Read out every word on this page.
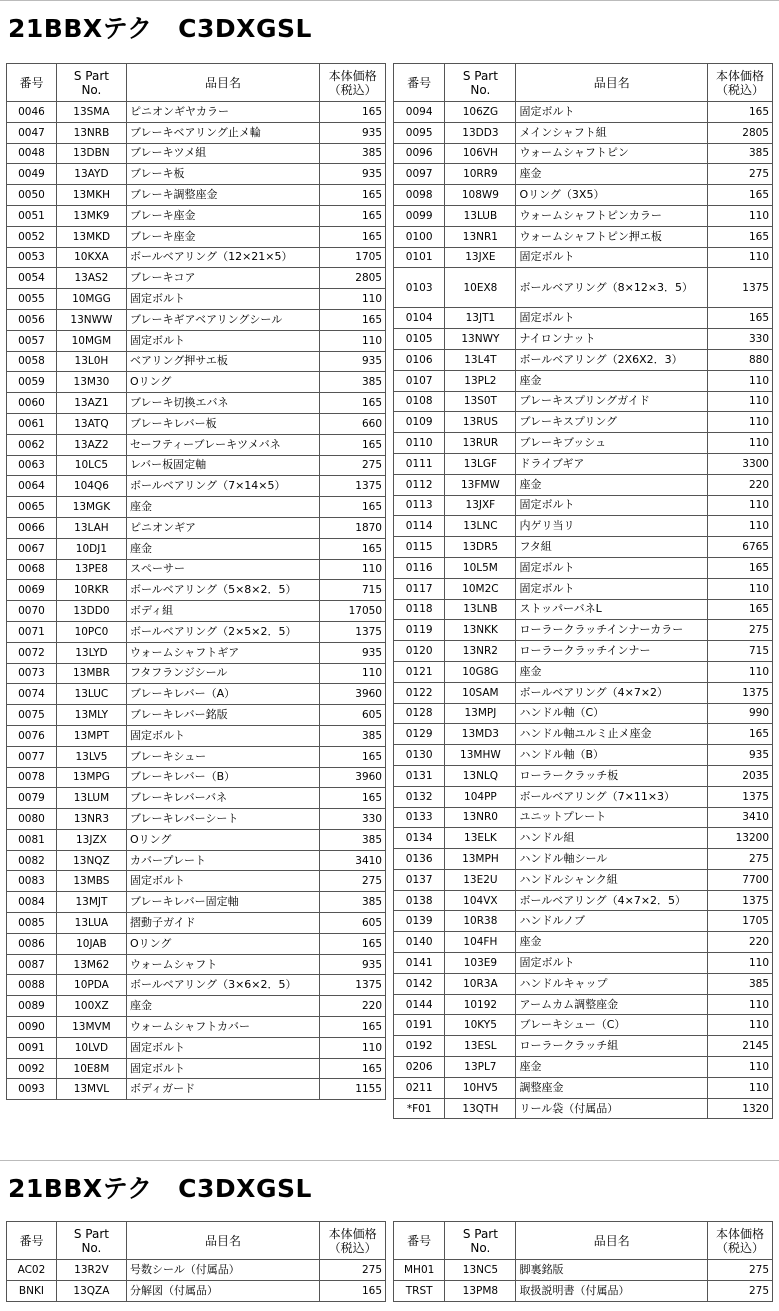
21BBXテク　C3DXGSL
番号	S Part
No.	品目名	本体価格
（税込）
0046	13SMA	ピニオンギヤカラー	165
0047	13NRB	ブレーキベアリング止メ輪	935
0048	13DBN	ブレーキツメ組	385
0049	13AYD	ブレーキ板	935
0050	13MKH	ブレーキ調整座金	165
0051	13MK9	ブレーキ座金	165
0052	13MKD	ブレーキ座金	165
0053	10KXA	ボールベアリング（12×21×5）	1705
0054	13AS2	ブレーキコア	2805
0055	10MGG	固定ボルト	110
0056	13NWW	ブレーキギアベアリングシール	165
0057	10MGM	固定ボルト	110
0058	13L0H	ベアリング押サエ板	935
0059	13M30	Oリング	385
0060	13AZ1	ブレーキ切換エバネ	165
0061	13ATQ	ブレーキレバー板	660
0062	13AZ2	セーフティーブレーキツメバネ	165
0063	10LC5	レバー板固定軸	275
0064	104Q6	ボールベアリング（7×14×5）	1375
0065	13MGK	座金	165
0066	13LAH	ピニオンギア	1870
0067	10DJ1	座金	165
0068	13PE8	スペーサー	110
0069	10RKR	ボールベアリング（5×8×2．5）	715
0070	13DD0	ボディ組	17050
0071	10PC0	ボールベアリング（2×5×2．5）	1375
0072	13LYD	ウォームシャフトギア	935
0073	13MBR	フタフランジシール	110
0074	13LUC	ブレーキレバー（A）	3960
0075	13MLY	ブレーキレバー銘版	605
0076	13MPT	固定ボルト	385
0077	13LV5	ブレーキシュー	165
0078	13MPG	ブレーキレバー（B）	3960
0079	13LUM	ブレーキレバーバネ	165
0080	13NR3	ブレーキレバーシート	330
0081	13JZX	Oリング	385
0082	13NQZ	カバープレート	3410
0083	13MBS	固定ボルト	275
0084	13MJT	ブレーキレバー固定軸	385
0085	13LUA	摺動子ガイド	605
0086	10JAB	Oリング	165
0087	13M62	ウォームシャフト	935
0088	10PDA	ボールベアリング（3×6×2．5）	1375
0089	100XZ	座金	220
0090	13MVM	ウォームシャフトカバー	165
0091	10LVD	固定ボルト	110
0092	10E8M	固定ボルト	165
0093	13MVL	ボディガード	1155
番号	S Part
No.	品目名	本体価格
（税込）
0094	106ZG	固定ボルト	165
0095	13DD3	メインシャフト組	2805
0096	106VH	ウォームシャフトピン	385
0097	10RR9	座金	275
0098	108W9	Oリング（3X5）	165
0099	13LUB	ウォームシャフトピンカラー	110
0100	13NR1	ウォームシャフトピン押エ板	165
0101	13JXE	固定ボルト	110
0103	10EX8	ボールベアリング（8×12×3．5）	1375
0104	13JT1	固定ボルト	165
0105	13NWY	ナイロンナット	330
0106	13L4T	ボールベアリング（2X6X2．3）	880
0107	13PL2	座金	110
0108	13S0T	ブレーキスプリングガイド	110
0109	13RUS	ブレーキスプリング	110
0110	13RUR	ブレーキブッシュ	110
0111	13LGF	ドライブギア	3300
0112	13FMW	座金	220
0113	13JXF	固定ボルト	110
0114	13LNC	内ゲリ当リ	110
0115	13DR5	フタ組	6765
0116	10L5M	固定ボルト	165
0117	10M2C	固定ボルト	110
0118	13LNB	ストッパーバネL	165
0119	13NKK	ローラークラッチインナーカラー	275
0120	13NR2	ローラークラッチインナー	715
0121	10G8G	座金	110
0122	10SAM	ボールベアリング（4×7×2）	1375
0128	13MPJ	ハンドル軸（C）	990
0129	13MD3	ハンドル軸ユルミ止メ座金	165
0130	13MHW	ハンドル軸（B）	935
0131	13NLQ	ローラークラッチ板	2035
0132	104PP	ボールベアリング（7×11×3）	1375
0133	13NR0	ユニットプレート	3410
0134	13ELK	ハンドル組	13200
0136	13MPH	ハンドル軸シール	275
0137	13E2U	ハンドルシャンク組	7700
0138	104VX	ボールベアリング（4×7×2．5）	1375
0139	10R38	ハンドルノブ	1705
0140	104FH	座金	220
0141	103E9	固定ボルト	110
0142	10R3A	ハンドルキャップ	385
0144	10192	アームカム調整座金	110
0191	10KY5	ブレーキシュー（C）	110
0192	13ESL	ローラークラッチ組	2145
0206	13PL7	座金	110
0211	10HV5	調整座金	110
*F01	13QTH	リール袋（付属品）	1320
21BBXテク　C3DXGSL
番号	S Part
No.	品目名	本体価格
（税込）
AC02	13R2V	号数シール（付属品）	275
BNKI	13QZA	分解図（付属品）	165
番号	S Part
No.	品目名	本体価格
（税込）
MH01	13NC5	脚裏銘版	275
TRST	13PM8	取扱説明書（付属品）	275
